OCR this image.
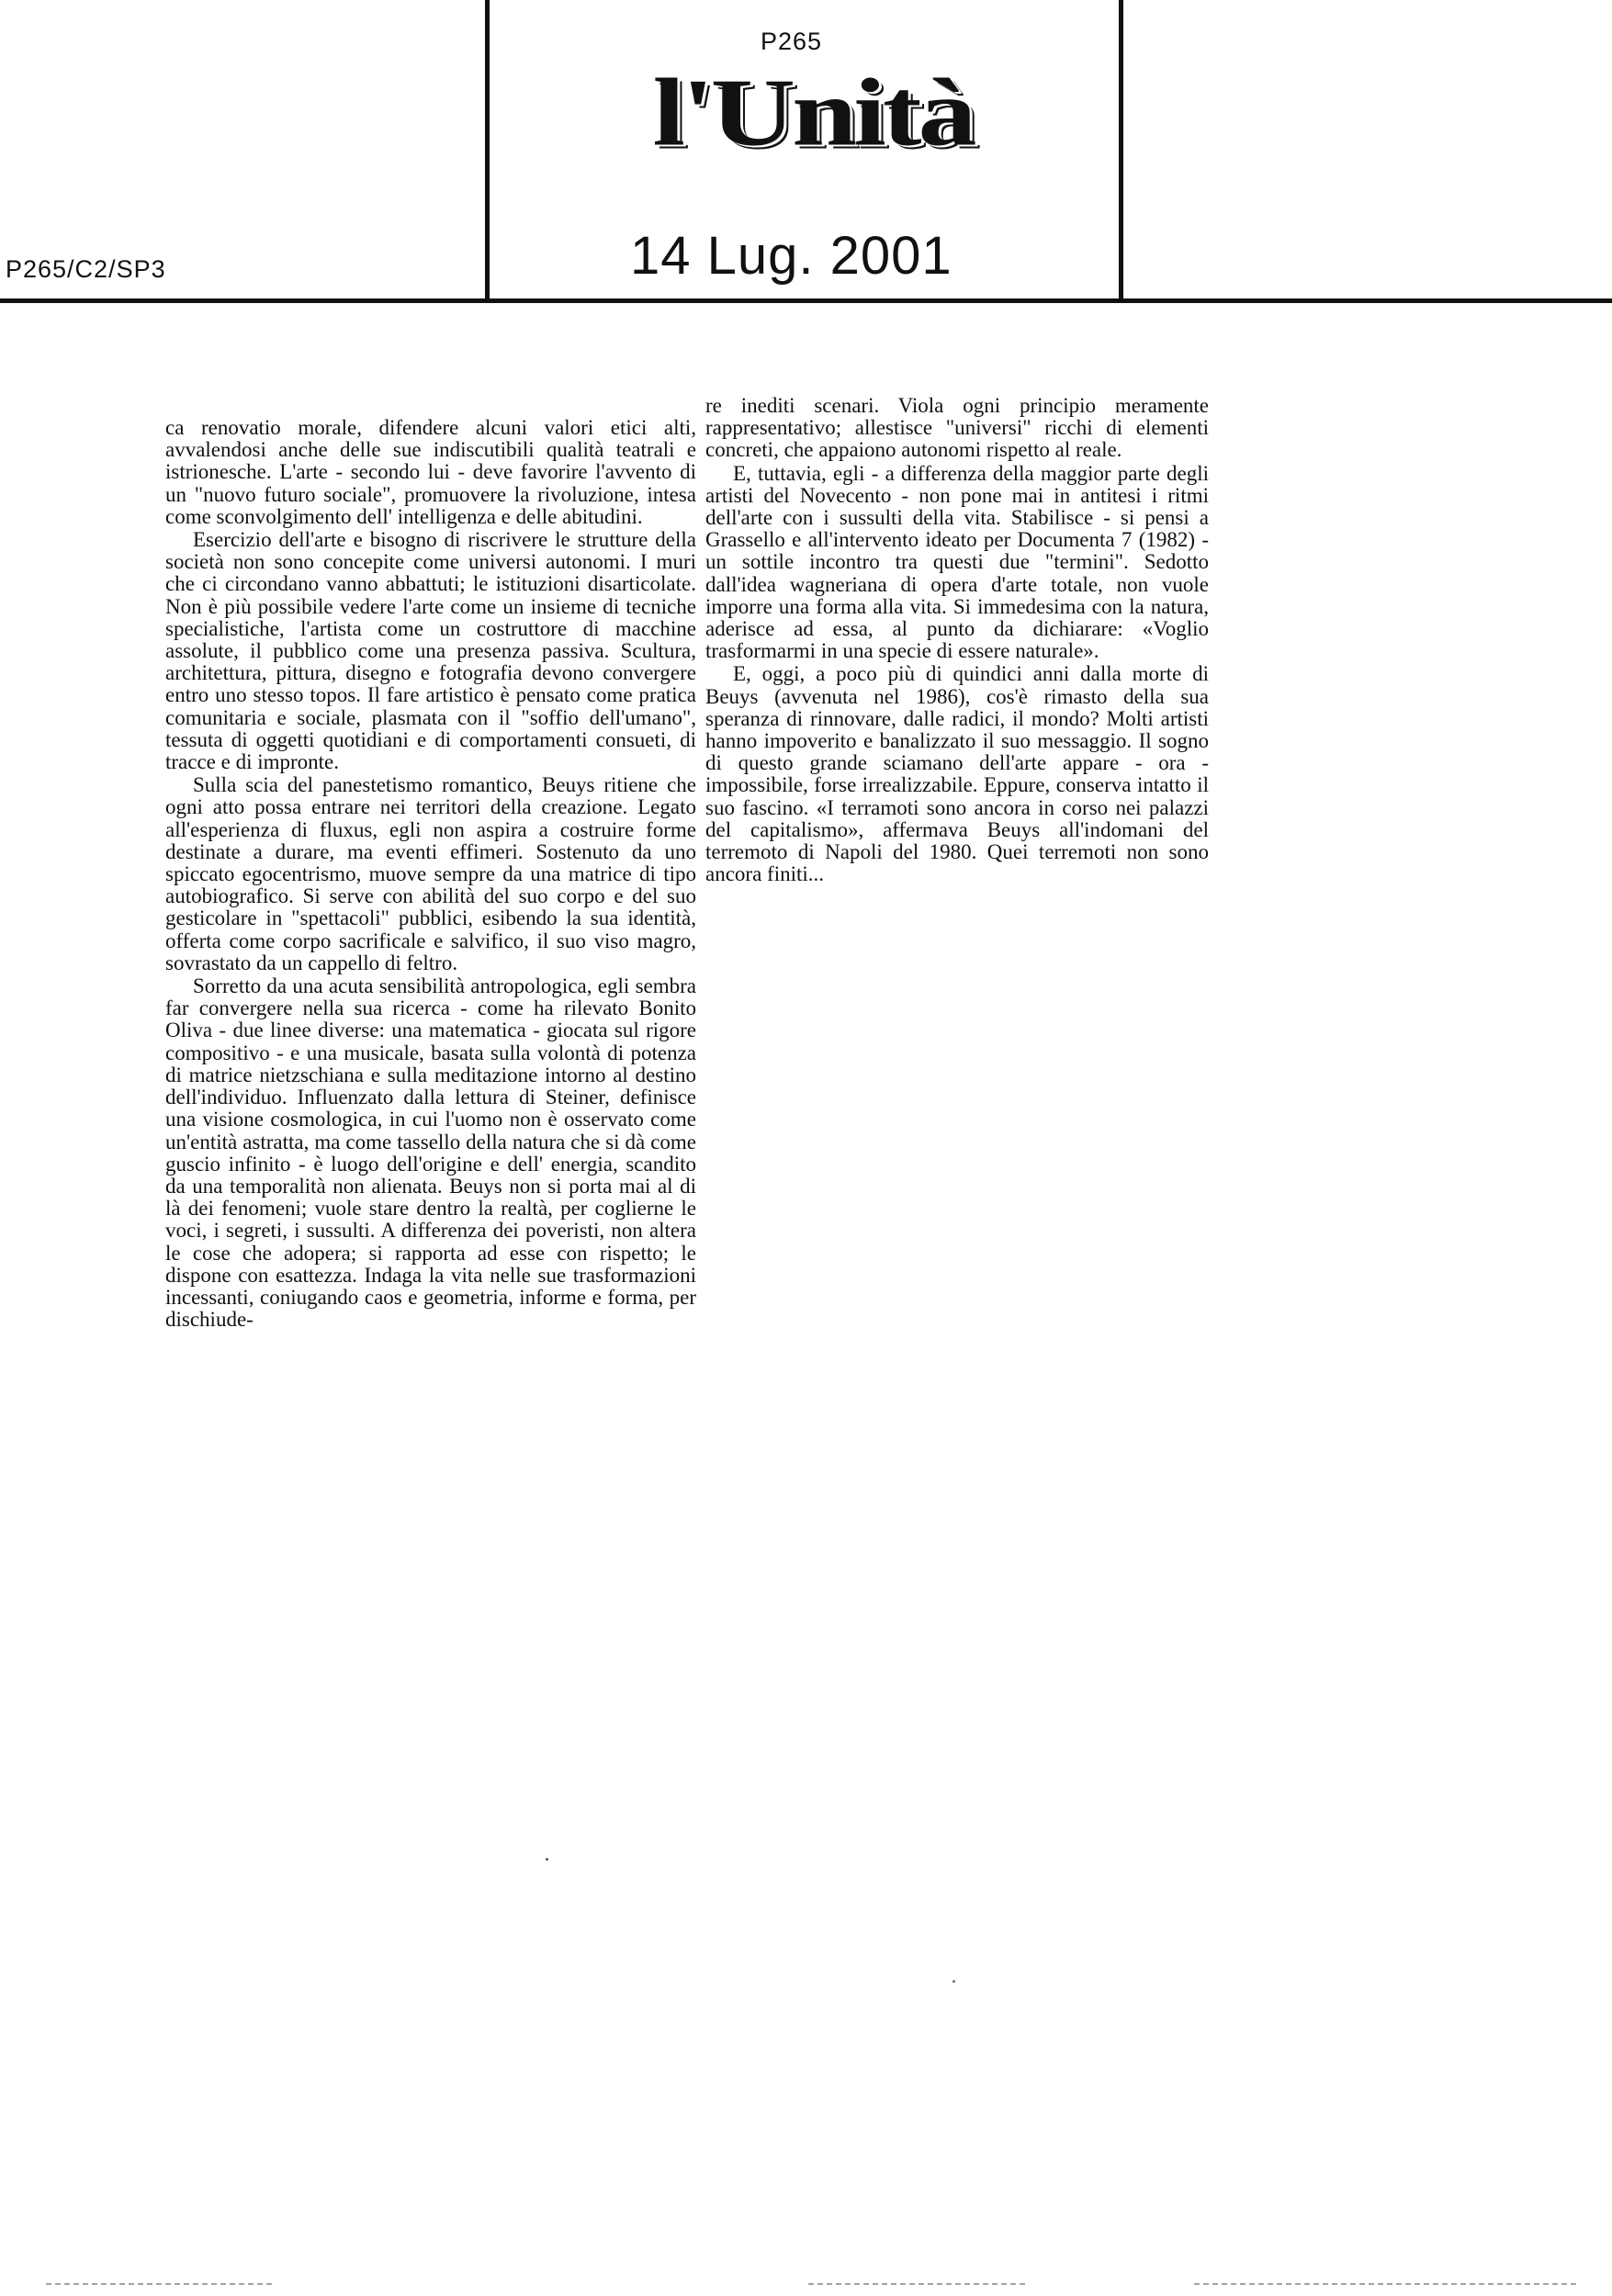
P265
l'Unità
14 Lug. 2001
P265/C2/SP3

ca renovatio morale, difendere alcuni valori etici alti, avvalendosi anche delle sue indiscutibili qualità teatrali e istrionesche. L'arte - secondo lui - deve favorire l'avvento di un "nuovo futuro sociale", promuovere la rivoluzione, intesa come sconvolgimento dell' intelligenza e delle abitudini.

Esercizio dell'arte e bisogno di riscrivere le strutture della società non sono concepite come universi autonomi. I muri che ci circondano vanno abbattuti; le istituzioni disarticolate. Non è più possibile vedere l'arte come un insieme di tecniche specialistiche, l'artista come un costruttore di macchine assolute, il pubblico come una presenza passiva. Scultura, architettura, pittura, disegno e fotografia devono convergere entro uno stesso topos. Il fare artistico è pensato come pratica comunitaria e sociale, plasmata con il "soffio dell'umano", tessuta di oggetti quotidiani e di comportamenti consueti, di tracce e di impronte.

Sulla scia del panestetismo romantico, Beuys ritiene che ogni atto possa entrare nei territori della creazione. Legato all'esperienza di fluxus, egli non aspira a costruire forme destinate a durare, ma eventi effimeri. Sostenuto da uno spiccato egocentrismo, muove sempre da una matrice di tipo autobiografico. Si serve con abilità del suo corpo e del suo gesticolare in "spettacoli" pubblici, esibendo la sua identità, offerta come corpo sacrificale e salvifico, il suo viso magro, sovrastato da un cappello di feltro.

Sorretto da una acuta sensibilità antropologica, egli sembra far convergere nella sua ricerca - come ha rilevato Bonito Oliva - due linee diverse: una matematica - giocata sul rigore compositivo - e una musicale, basata sulla volontà di potenza di matrice nietzschiana e sulla meditazione intorno al destino dell'individuo. Influenzato dalla lettura di Steiner, definisce una visione cosmologica, in cui l'uomo non è osservato come un'entità astratta, ma come tassello della natura che si dà come guscio infinito - è luogo dell'origine e dell' energia, scandito da una temporalità non alienata. Beuys non si porta mai al di là dei fenomeni; vuole stare dentro la realtà, per coglierne le voci, i segreti, i sussulti. A differenza dei poveristi, non altera le cose che adopera; si rapporta ad esse con rispetto; le dispone con esattezza. Indaga la vita nelle sue trasformazioni incessanti, coniugando caos e geometria, informe e forma, per dischiude-

re inediti scenari. Viola ogni principio meramente rappresentativo; allestisce "universi" ricchi di elementi concreti, che appaiono autonomi rispetto al reale.

E, tuttavia, egli - a differenza della maggior parte degli artisti del Novecento - non pone mai in antitesi i ritmi dell'arte con i sussulti della vita. Stabilisce - si pensi a Grassello e all'intervento ideato per Documenta 7 (1982) - un sottile incontro tra questi due "termini". Sedotto dall'idea wagneriana di opera d'arte totale, non vuole imporre una forma alla vita. Si immedesima con la natura, aderisce ad essa, al punto da dichiarare: «Voglio trasformarmi in una specie di essere naturale».

E, oggi, a poco più di quindici anni dalla morte di Beuys (avvenuta nel 1986), cos'è rimasto della sua speranza di rinnovare, dalle radici, il mondo? Molti artisti hanno impoverito e banalizzato il suo messaggio. Il sogno di questo grande sciamano dell'arte appare - ora - impossibile, forse irrealizzabile. Eppure, conserva intatto il suo fascino. «I terramoti sono ancora in corso nei palazzi del capitalismo», affermava Beuys all'indomani del terremoto di Napoli del 1980. Quei terremoti non sono ancora finiti...
